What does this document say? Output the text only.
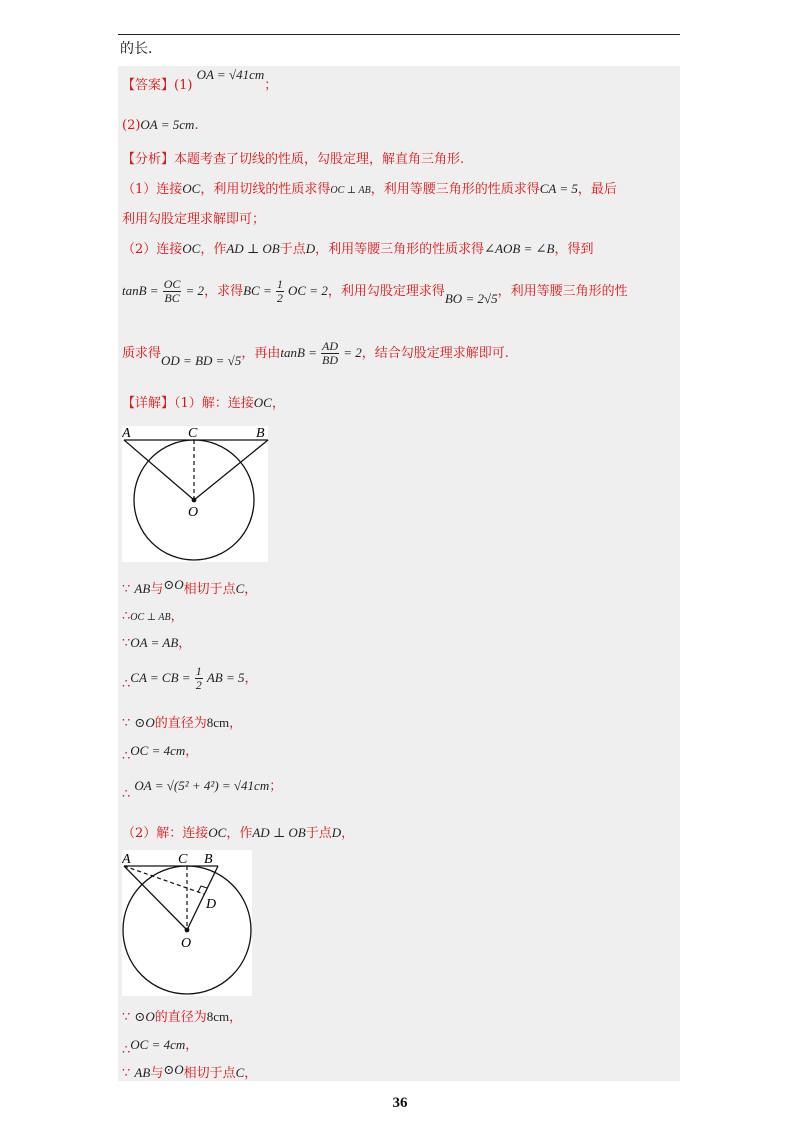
的长.
【答案】(1) OA = √41cm；
(2)OA = 5cm.
【分析】本题考查了切线的性质，勾股定理，解直角三角形.
（1）连接OC，利用切线的性质求得OC ⊥ AB，利用等腰三角形的性质求得CA = 5，最后
利用勾股定理求解即可；
（2）连接OC，作AD ⊥ OB于点D，利用等腰三角形的性质求得∠AOB = ∠B，得到
$\tan B = \frac{OC}{BC} = 2$，求得BC = $\frac{1}{2}$ OC = 2，利用勾股定理求得BO = 2√5，利用等腰三角形的性
质求得OD = BD = √5，再由$\tan B = \frac{AD}{BD} = 2$，结合勾股定理求解即可.
【详解】（1）解：连接OC，
A	C	B
O
∵ AB与⊙O相切于点C，
∴OC ⊥ AB，
∵OA = AB，
∴CA = CB = $\frac{1}{2}$ AB = 5，
∵ ⊙O的直径为8cm，
∴OC = 4cm，
∴ OA = √(5² + 4²) = √41cm；
（2）解：连接OC，作AD ⊥ OB于点D，
A	C B
D
O
∵ ⊙O的直径为8cm，
∴OC = 4cm，
∵ AB与⊙O相切于点C，
36
